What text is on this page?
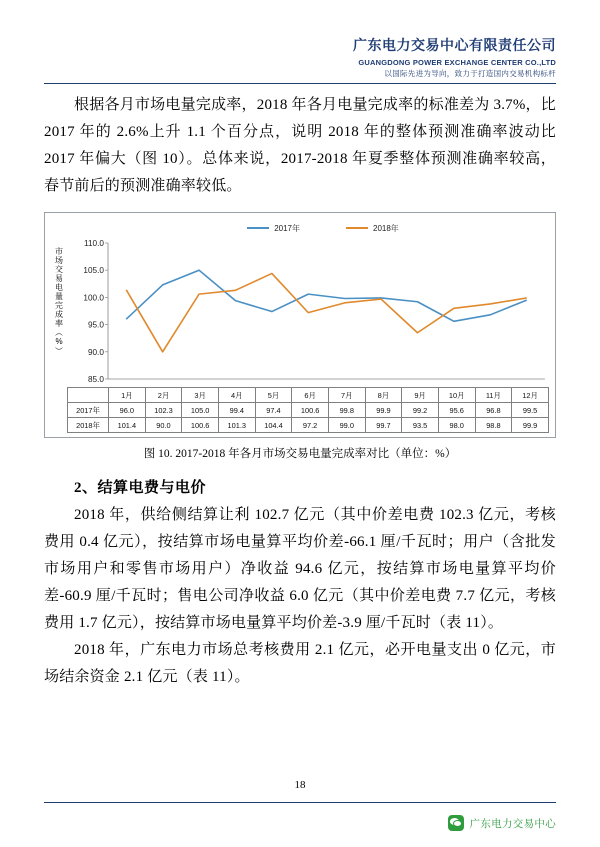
广东电力交易中心有限责任公司
GUANGDONG POWER EXCHANGE CENTER CO.,LTD
以国际先进为导向，致力于打造国内交易机构标杆

根据各月市场电量完成率，2018 年各月电量完成率的标准差为 3.7%，比 2017 年的 2.6%上升 1.1 个百分点，说明 2018 年的整体预测准确率波动比 2017 年偏大（图 10）。总体来说，2017-2018 年夏季整体预测准确率较高，春节前后的预测准确率较低。

2017年	2018年
市场交易电量完成率（%）
85.0
90.0
95.0
100.0
105.0
110.0
	1月	2月	3月	4月	5月	6月	7月	8月	9月	10月	11月	12月
2017年	96.0	102.3	105.0	99.4	97.4	100.6	99.8	99.9	99.2	95.6	96.8	99.5
2018年	101.4	90.0	100.6	101.3	104.4	97.2	99.0	99.7	93.5	98.0	98.8	99.9
图 10. 2017-2018 年各月市场交易电量完成率对比（单位：%）
2、结算电费与电价

2018 年，供给侧结算让利 102.7 亿元（其中价差电费 102.3 亿元，考核费用 0.4 亿元），按结算市场电量算平均价差-66.1 厘/千瓦时；用户（含批发市场用户和零售市场用户）净收益 94.6 亿元，按结算市场电量算平均价差-60.9 厘/千瓦时；售电公司净收益 6.0 亿元（其中价差电费 7.7 亿元，考核费用 1.7 亿元），按结算市场电量算平均价差-3.9 厘/千瓦时（表 11）。

2018 年，广东电力市场总考核费用 2.1 亿元，必开电量支出 0 亿元，市场结余资金 2.1 亿元（表 11）。

18
广东电力交易中心
